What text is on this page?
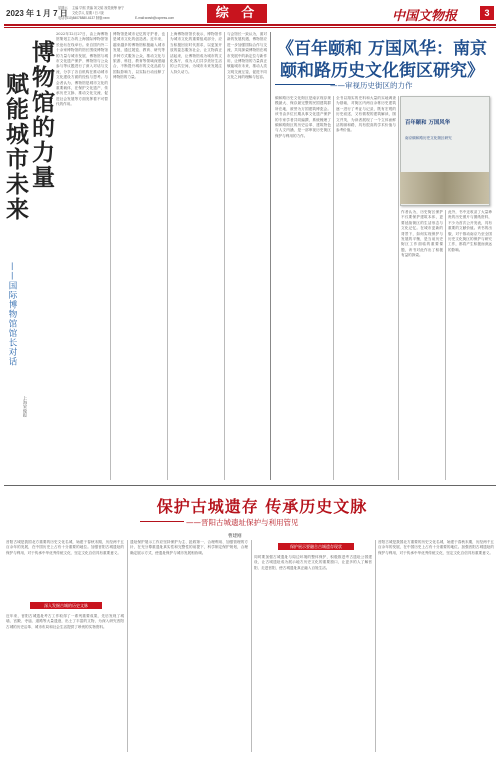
2023 年 1 月 7 日
星期六 主编 毕熙 责编 刘文韬 视觉统筹 徐宁
文化学人 星期 / 日 / 版
电话:(010)84078880-6137 制版:xxxx	E-mail:wwsb@ccpress.com	综 合	中国文物报	3
博物馆的力量
赋能城市未来
——国际博物馆馆长对话
上海宋俊报
2022年12月27日，由上海博物馆策划主办的上海国际博物馆馆长论坛在线举行。来自国内外二十余家博物馆的馆长围绕博物馆的力量与城市发展、博物馆与城市文化遗产保护、博物馆与公众参与等议题进行了深入对话与交流，分享了各自机构在推动城市文化建设方面的经验与思考。与会者认为，博物馆是城市文化的重要载体，在保护文化遗产、传承历史文脉、推动文化交流、促进社会发展等方面发挥着不可替代的作用。
博物馆是城市记忆的守护者，也是城市文化的创造者。近年来，越来越多的博物馆积极融入城市发展，通过展览、教育、研究等多种方式服务公众，推动文化与旅游、科技、教育等领域深度融合，不断提升城市的文化品质与国际影响力，以实际行动诠释了博物馆的力量。
上海博物馆馆长表示，博物馆作为城市文化的重要组成部分，应当积极回应时代需求，以更加开放的姿态服务社会，让文物真正活起来，让博物馆成为城市的文化客厅，成为人们共享美好生活的公共空间，为城市未来发展注入持久动力。
与会馆长一致认为，面对新的发展机遇，博物馆应进一步加强国际合作与交流，共同探索博物馆在城市发展中的新定位与新作用，让博物馆的力量真正赋能城市未来，推动人类文明交流互鉴，促进不同文化之间的理解与包容。
《百年颐和 万国风华：南京颐和路历史文化街区研究》
——审视历史街区的力作
颐和路历史文化街区是南京现存规模最大、保存最完整的民国建筑群所在地，被誉为万国建筑博览会。该书由多位长期从事文化遗产保护的专家学者共同编撰，系统梳理了颐和路街区的历史沿革、建筑特色与人文内涵，是一部审视历史街区保护与利用的力作。
全书以翔实的史料和大量的实地调查为基础，对街区内两百余栋历史建筑逐一进行了考证与记录，既有宏观的历史叙述，又有微观的建筑解读，图文并茂，为读者展现了一个立体而鲜活的颐和路，具有很高的学术价值与参考价值。
百年颐和 万国风华
南京颐和路历史文化街区研究
作者认为，历史街区保护不仅要保护建筑本体，更要延续街区的生活形态与文化记忆。在城市更新的背景下，如何实现保护与发展的平衡，是当前历史街区工作面临的重要课题，该书对此作出了积极有益的探索。
此外，书中还收录了大量珍贵的历史照片与图纸资料，不少为首次公开发表，具有重要的文献价值。该书的出版，对于推动南京乃至全国历史文化街区的保护与研究工作，都将产生积极而深远的影响。
保护古城遗存 传承历史文脉
——晋阳古城遗址保护与利用管见
曹建刚
晋阳古城是我国北方重要的历史文化名城，始建于春秋末期，历经两千五百余年的发展，在中国历史上占有十分重要的地位。加强晋阳古城遗址的保护与利用，对于传承中华优秀传统文化、坚定文化自信具有重要意义。
深入发掘古城的历史文脉
近年来，晋阳古城遗址考古工作取得了一系列重要成果，先后发现了城墙、宫殿、寺庙、道路等大量遗迹，出土了丰富的文物，为深入研究晋阳古城的历史沿革、城市布局和社会生活提供了珍贵的实物资料。
遗址保护展示工作应坚持保护为主、抢救第一、合理利用、加强管理的方针，在充分尊重遗址真实性和完整性的前提下，科学制定保护规划，合理确定展示方式，使遗址保护与城市发展相协调。
保护展示要融合古城遗存现状
同时要加强古城遗址与周边环境的整体保护，积极推进考古遗址公园建设，让古城遗址成为展示地方历史文化的重要窗口，让更多的人了解晋阳、走进晋阳，使古城遗址真正融入百姓生活。
晋阳古城是我国北方重要的历史文化名城，始建于春秋末期，历经两千五百余年的发展，在中国历史上占有十分重要的地位。加强晋阳古城遗址的保护与利用，对于传承中华优秀传统文化、坚定文化自信具有重要意义。
